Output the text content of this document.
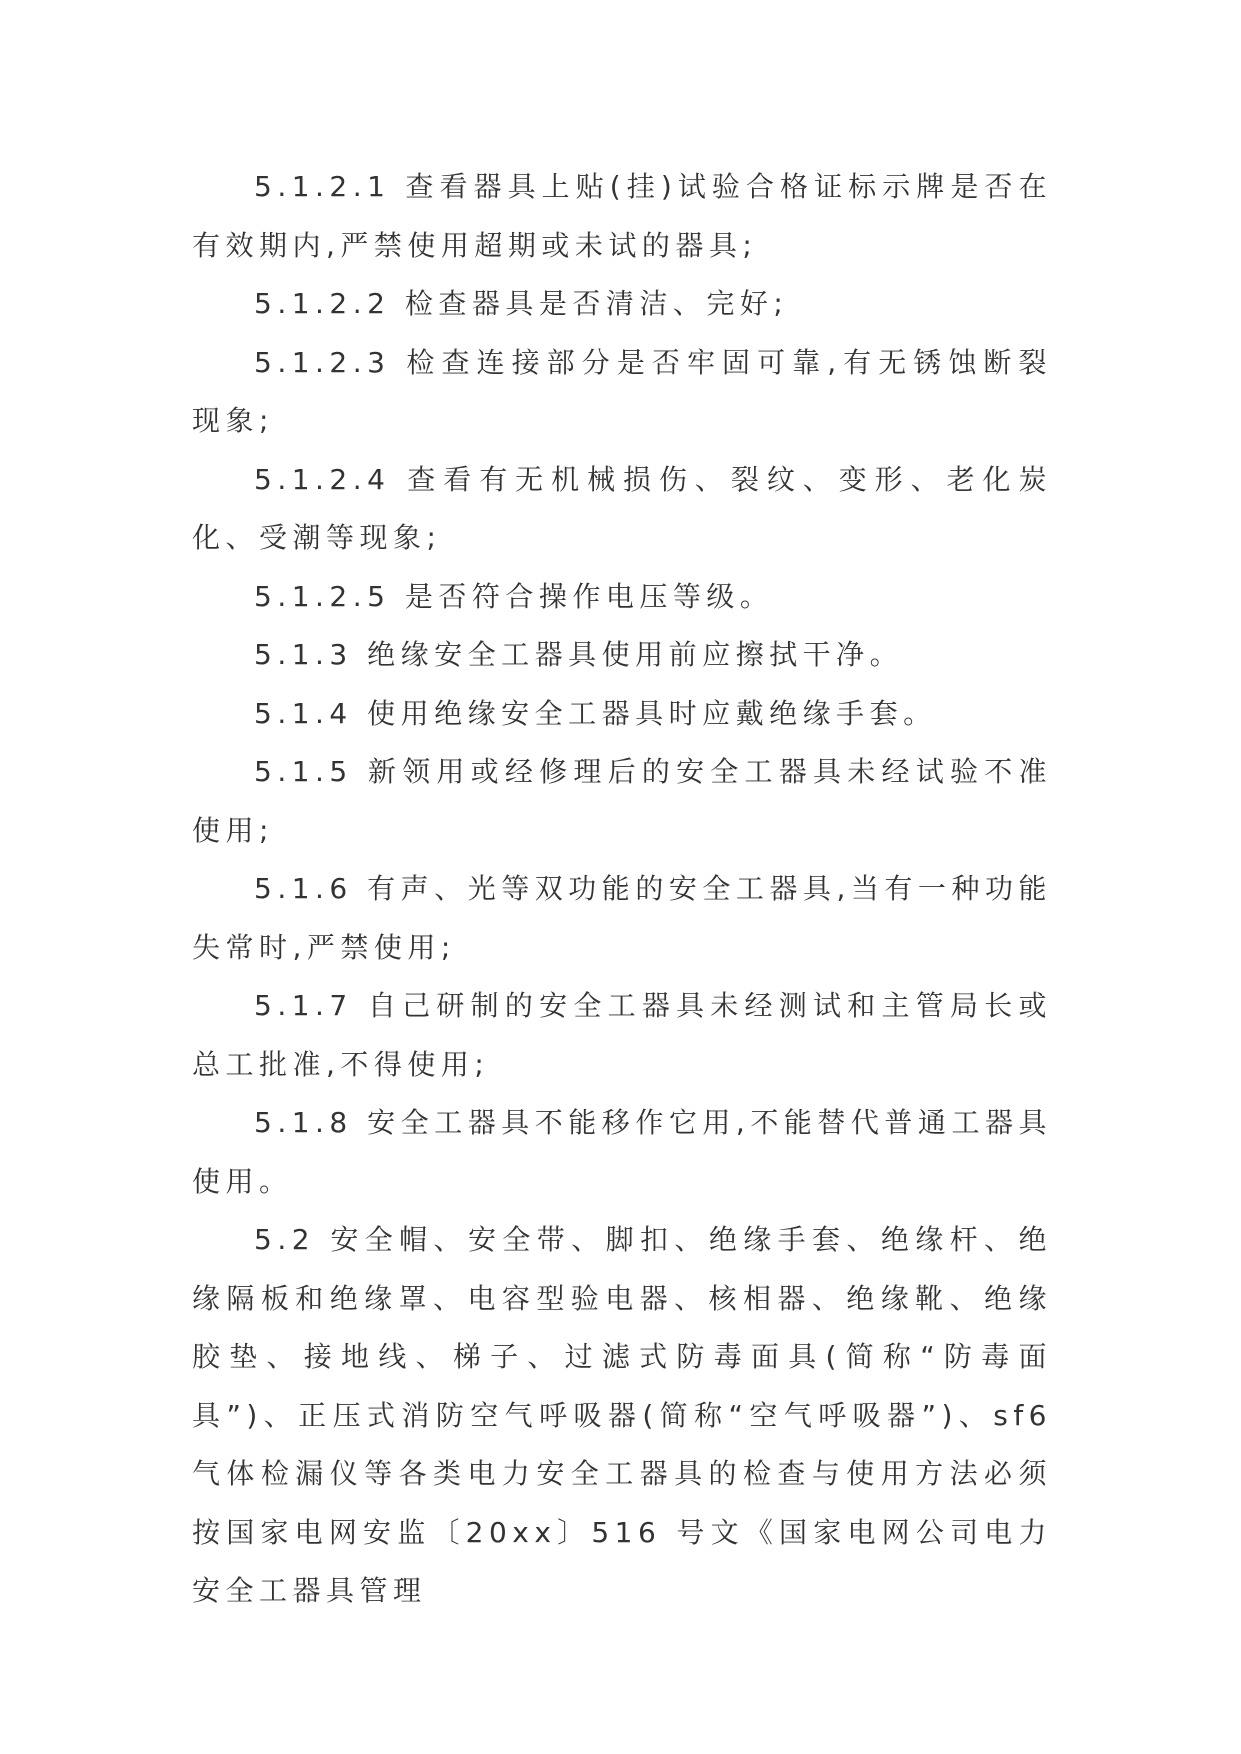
5.1.2.1 查看器具上贴(挂)试验合格证标示牌是否在有效期内,严禁使用超期或未试的器具;

5.1.2.2 检查器具是否清洁、完好;

5.1.2.3 检查连接部分是否牢固可靠,有无锈蚀断裂现象;

5.1.2.4 查看有无机械损伤、裂纹、变形、老化炭化、受潮等现象;

5.1.2.5 是否符合操作电压等级。

5.1.3 绝缘安全工器具使用前应擦拭干净。

5.1.4 使用绝缘安全工器具时应戴绝缘手套。

5.1.5 新领用或经修理后的安全工器具未经试验不准使用;

5.1.6 有声、光等双功能的安全工器具,当有一种功能失常时,严禁使用;

5.1.7 自己研制的安全工器具未经测试和主管局长或总工批准,不得使用;

5.1.8 安全工器具不能移作它用,不能替代普通工器具使用。

5.2 安全帽、安全带、脚扣、绝缘手套、绝缘杆、绝缘隔板和绝缘罩、电容型验电器、核相器、绝缘靴、绝缘胶垫、接地线、梯子、过滤式防毒面具(简称“防毒面具”)、正压式消防空气呼吸器(简称“空气呼吸器”)、sf6 气体检漏仪等各类电力安全工器具的检查与使用方法必须按国家电网安监〔20xx〕516 号文《国家电网公司电力安全工器具管理
